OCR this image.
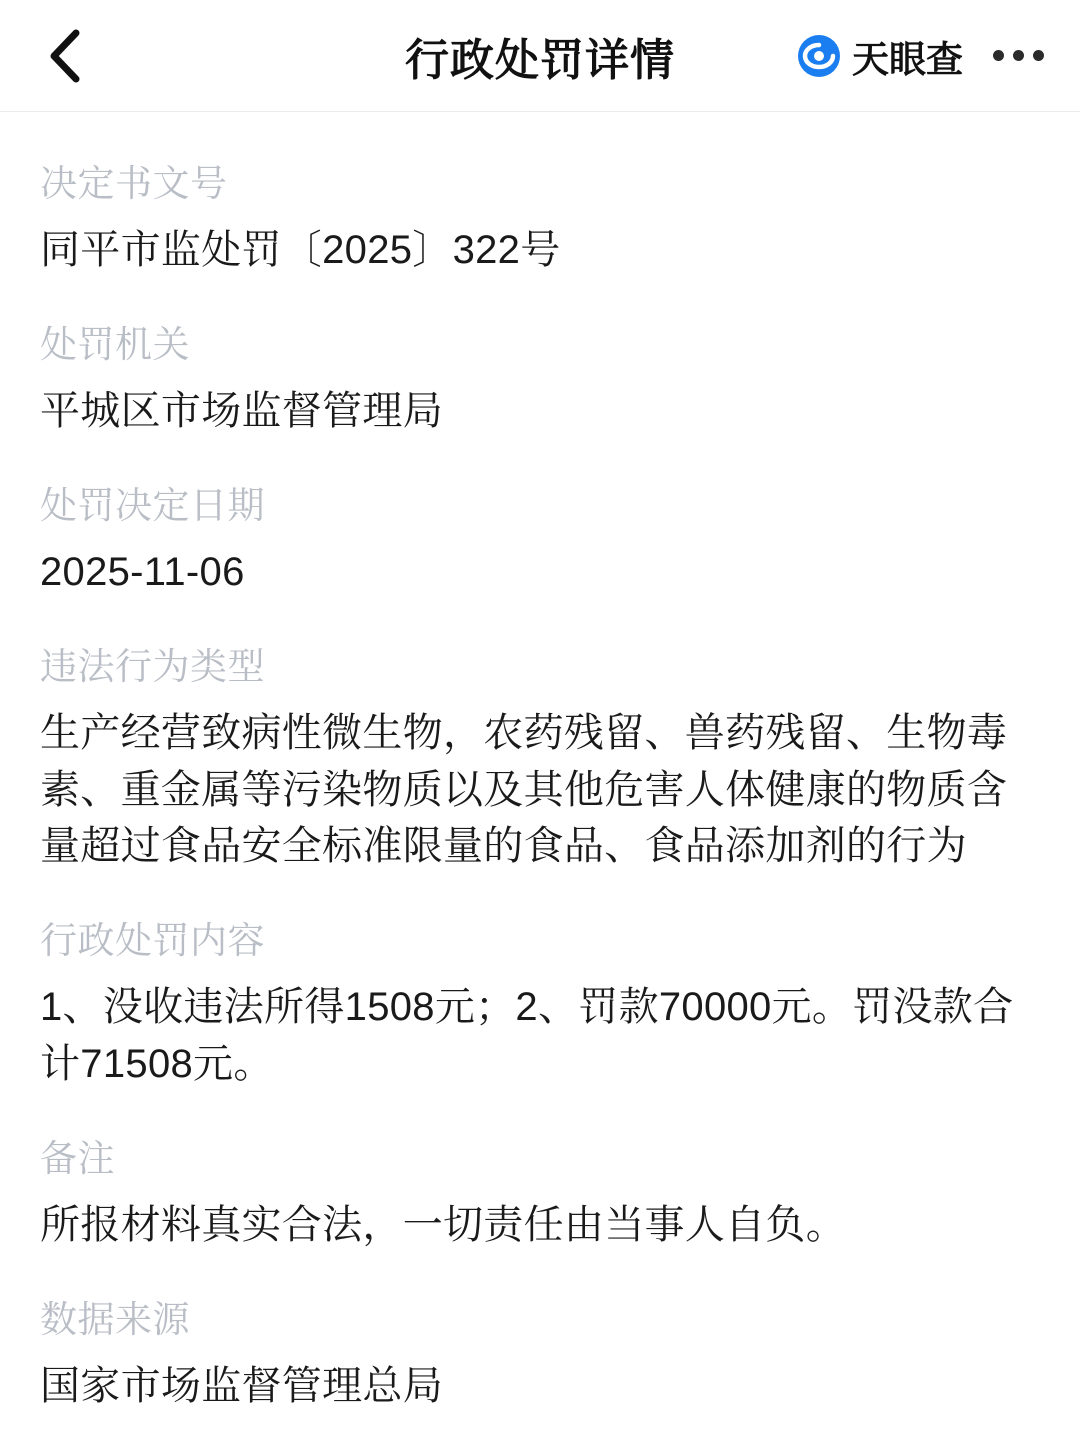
行政处罚详情	天眼查
决定书文号
同平市监处罚〔2025〕322号
处罚机关
平城区市场监督管理局
处罚决定日期
2025-11-06
违法行为类型
生产经营致病性微生物，农药残留、兽药残留、生物毒素、重金属等污染物质以及其他危害人体健康的物质含量超过食品安全标准限量的食品、食品添加剂的行为
行政处罚内容
1、没收违法所得1508元；2、罚款70000元。罚没款合计71508元。
备注
所报材料真实合法，一切责任由当事人自负。
数据来源
国家市场监督管理总局
